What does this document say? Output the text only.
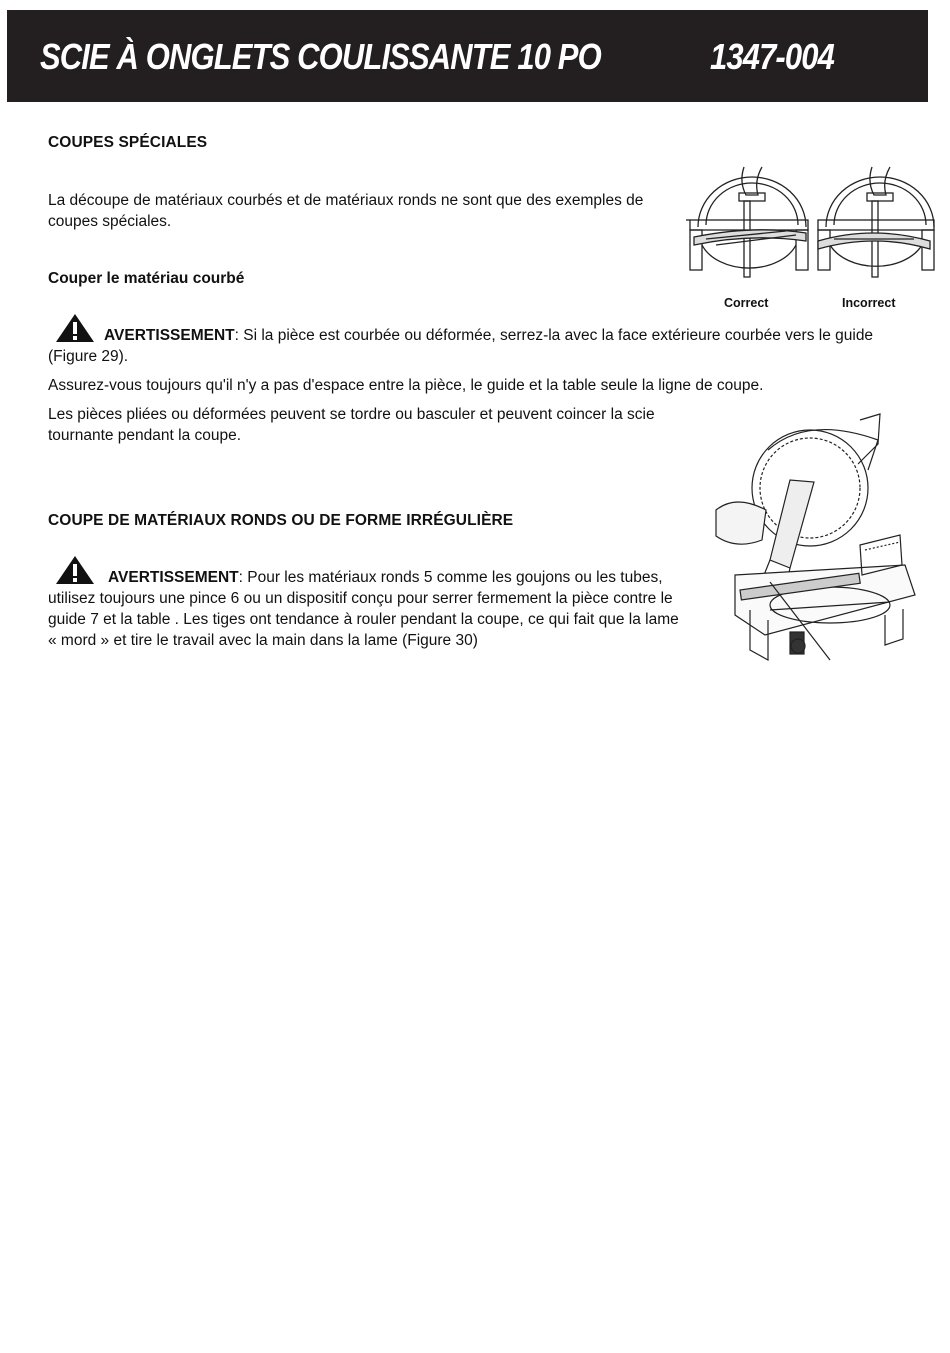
SCIE À ONGLETS COULISSANTE 10 PO	1347-004
COUPES SPÉCIALES
La découpe de matériaux courbés et de matériaux ronds ne sont que des exemples de
coupes spéciales.
Couper le matériau courbé
AVERTISSEMENT: Si la pièce est courbée ou déformée, serrez-la avec la face extérieure courbée vers le guide
(Figure 29).
Assurez-vous toujours qu'il n'y a pas d'espace entre la pièce, le guide et la table seule la ligne de coupe.
Les pièces pliées ou déformées peuvent se tordre ou basculer et peuvent coincer la scie
tournante pendant la coupe.
Correct	Incorrect
COUPE DE MATÉRIAUX RONDS OU DE FORME IRRÉGULIÈRE
AVERTISSEMENT: Pour les matériaux ronds 5 comme les goujons ou les tubes,
utilisez toujours une pince 6 ou un dispositif conçu pour serrer fermement la pièce contre le
guide 7 et la table . Les tiges ont tendance à rouler pendant la coupe, ce qui fait que la lame
« mord » et tire le travail avec la main dans la lame (Figure 30)
